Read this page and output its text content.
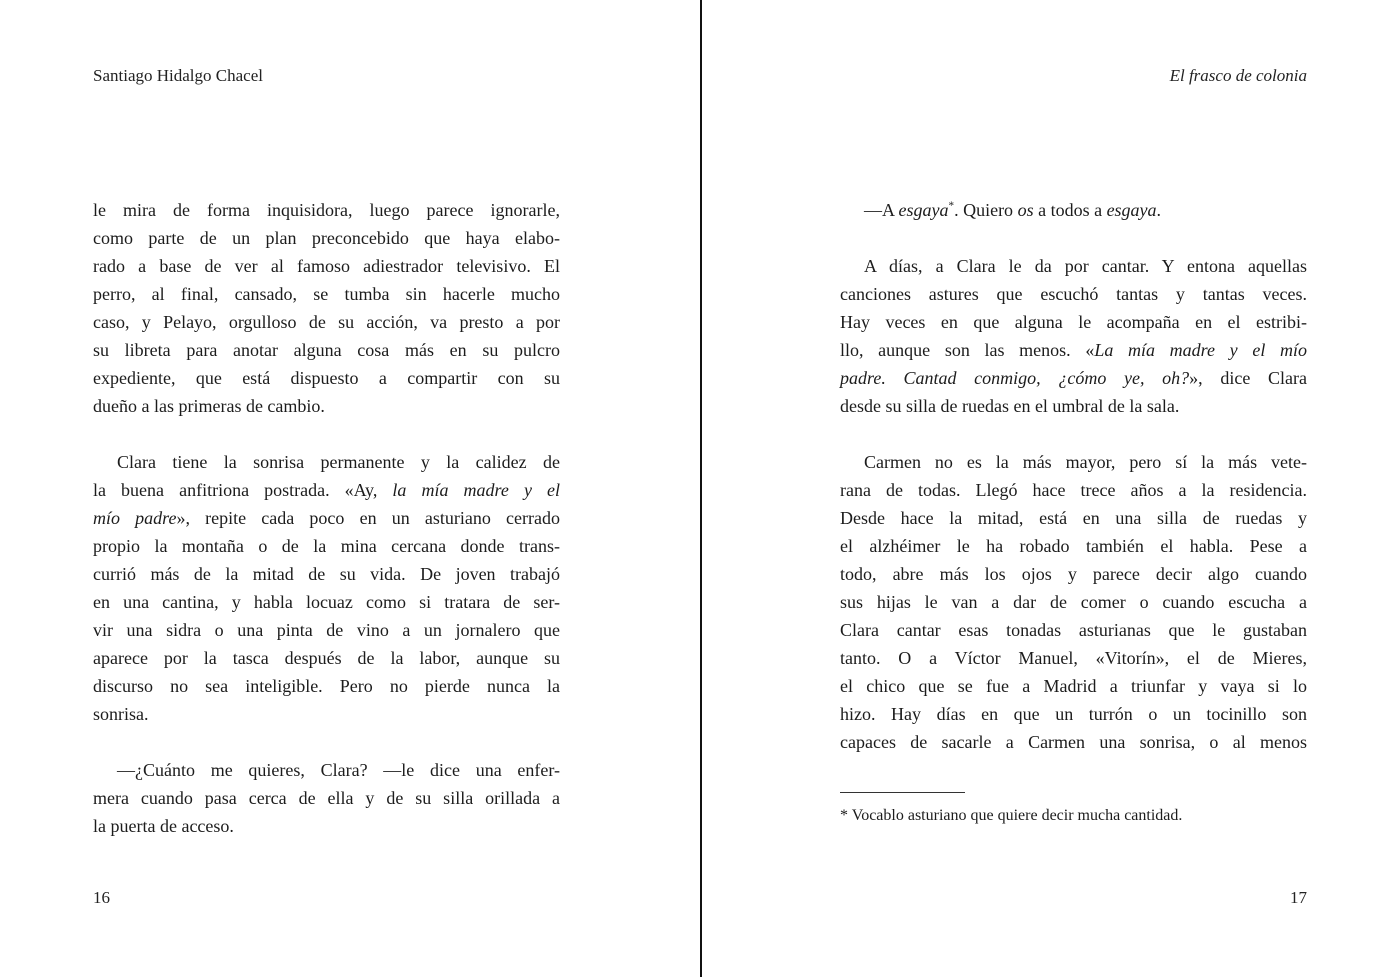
Santiago Hidalgo Chacel	El frasco de colonia
le mira de forma inquisidora, luego parece ignorarle,
como parte de un plan preconcebido que haya elabo-
rado a base de ver al famoso adiestrador televisivo. El
perro, al final, cansado, se tumba sin hacerle mucho
caso, y Pelayo, orgulloso de su acción, va presto a por
su libreta para anotar alguna cosa más en su pulcro
expediente, que está dispuesto a compartir con su
dueño a las primeras de cambio.
Clara tiene la sonrisa permanente y la calidez de
la buena anfitriona postrada. «Ay, la mía madre y el
mío padre», repite cada poco en un asturiano cerrado
propio la montaña o de la mina cercana donde trans-
currió más de la mitad de su vida. De joven trabajó
en una cantina, y habla locuaz como si tratara de ser-
vir una sidra o una pinta de vino a un jornalero que
aparece por la tasca después de la labor, aunque su
discurso no sea inteligible. Pero no pierde nunca la
sonrisa.
—¿Cuánto me quieres, Clara? —le dice una enfer-
mera cuando pasa cerca de ella y de su silla orillada a
la puerta de acceso.
—A esgaya*. Quiero os a todos a esgaya.
A días, a Clara le da por cantar. Y entona aquellas
canciones astures que escuchó tantas y tantas veces.
Hay veces en que alguna le acompaña en el estribi-
llo, aunque son las menos. «La mía madre y el mío
padre. Cantad conmigo, ¿cómo ye, oh?», dice Clara
desde su silla de ruedas en el umbral de la sala.
Carmen no es la más mayor, pero sí la más vete-
rana de todas. Llegó hace trece años a la residencia.
Desde hace la mitad, está en una silla de ruedas y
el alzhéimer le ha robado también el habla. Pese a
todo, abre más los ojos y parece decir algo cuando
sus hijas le van a dar de comer o cuando escucha a
Clara cantar esas tonadas asturianas que le gustaban
tanto. O a Víctor Manuel, «Vitorín», el de Mieres,
el chico que se fue a Madrid a triunfar y vaya si lo
hizo. Hay días en que un turrón o un tocinillo son
capaces de sacarle a Carmen una sonrisa, o al menos
* Vocablo asturiano que quiere decir mucha cantidad.
16	17
